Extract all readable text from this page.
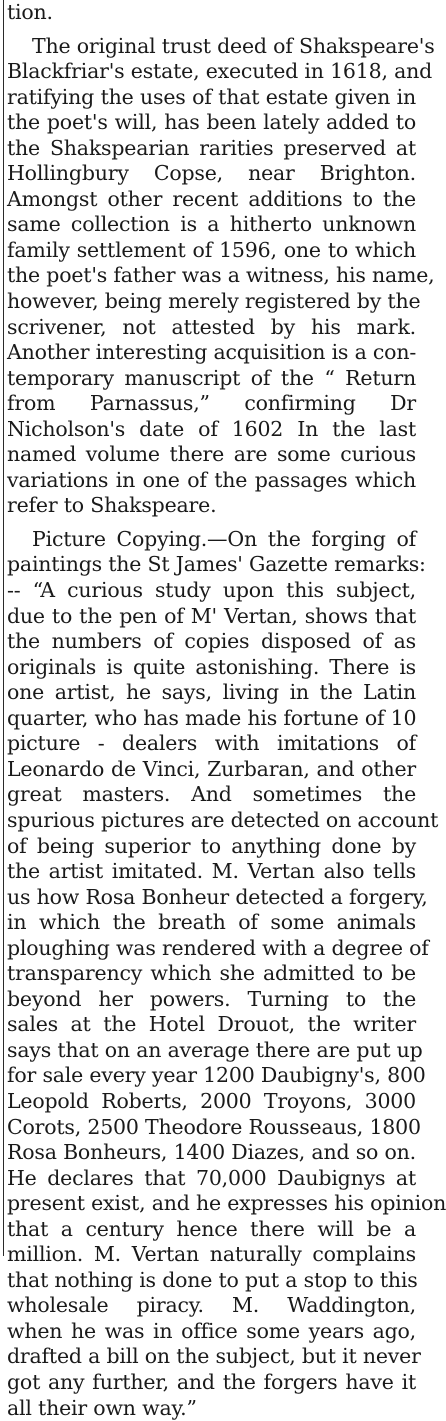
tion.
The original trust deed of Shakspeare's
Blackfriar's estate, executed in 1618, and
ratifying the uses of that estate given in
the poet's will, has been lately added to
the Shakspearian rarities preserved at
Hollingbury Copse, near Brighton.
Amongst other recent additions to the
same collection is a hitherto unknown
family settlement of 1596, one to which
the poet's father was a witness, his name,
however, being merely registered by the
scrivener, not attested by his mark.
Another interesting acquisition is a con-
temporary manuscript of the “ Return
from Parnassus,” confirming Dr
Nicholson's date of 1602 In the last
named volume there are some curious
variations in one of the passages which
refer to Shakspeare.
Picture Copying.—On the forging of
paintings the St James' Gazette remarks:
-- “A curious study upon this subject,
due to the pen of M' Vertan, shows that
the numbers of copies disposed of as
originals is quite astonishing. There is
one artist, he says, living in the Latin
quarter, who has made his fortune of 10
picture - dealers with imitations of
Leonardo de Vinci, Zurbaran, and other
great masters. And sometimes the
spurious pictures are detected on account
of being superior to anything done by
the artist imitated. M. Vertan also tells
us how Rosa Bonheur detected a forgery,
in which the breath of some animals
ploughing was rendered with a degree of
transparency which she admitted to be
beyond her powers. Turning to the
sales at the Hotel Drouot, the writer
says that on an average there are put up
for sale every year 1200 Daubigny's, 800
Leopold Roberts, 2000 Troyons, 3000
Corots, 2500 Theodore Rousseaus, 1800
Rosa Bonheurs, 1400 Diazes, and so on.
He declares that 70,000 Daubignys at
present exist, and he expresses his opinion
that a century hence there will be a
million. M. Vertan naturally complains
that nothing is done to put a stop to this
wholesale piracy. M. Waddington,
when he was in office some years ago,
drafted a bill on the subject, but it never
got any further, and the forgers have it
all their own way.”
